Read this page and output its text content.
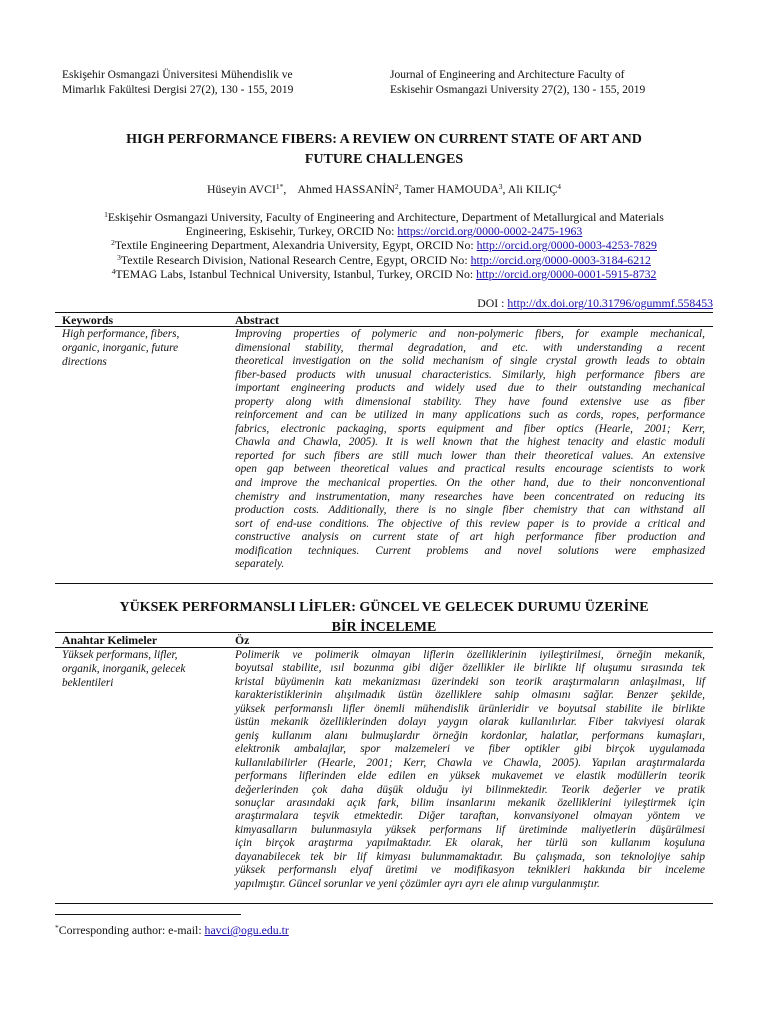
Eskişehir Osmangazi Üniversitesi Mühendislik ve
Mimarlık Fakültesi Dergisi 27(2), 130 - 155, 2019
Journal of Engineering and Architecture Faculty of
Eskisehir Osmangazi University 27(2), 130 - 155, 2019
HIGH PERFORMANCE FIBERS: A REVIEW ON CURRENT STATE OF ART AND
FUTURE CHALLENGES
Hüseyin $AVCI^{1*}$,    Ahmed HASSANİN$^2$, Tamer HAMOUDA$^3$, Ali KILIÇ$^4$
$^1$Eskişehir Osmangazi University, Faculty of Engineering and Architecture, Department of Metallurgical and Materials
Engineering, Eskisehir, Turkey, ORCID No: https://orcid.org/0000-0002-2475-1963
$^2$Textile Engineering Department, Alexandria University, Egypt, ORCID No: http://orcid.org/0000-0003-4253-7829
$^3$Textile Research Division, National Research Centre, Egypt, ORCID No: http://orcid.org/0000-0003-3184-6212
$^4$TEMAG Labs, Istanbul Technical University, Istanbul, Turkey, ORCID No: http://orcid.org/0000-0001-5915-8732
DOI : http://dx.doi.org/10.31796/ogummf.558453
Keywords	Abstract
High performance, fibers,
organic, inorganic, future
directions
Improving properties of polymeric and non-polymeric fibers, for example mechanical,
dimensional stability, thermal degradation, and etc. with understanding a recent
theoretical investigation on the solid mechanism of single crystal growth leads to obtain
fiber-based products with unusual characteristics. Similarly, high performance fibers are
important engineering products and widely used due to their outstanding mechanical
property along with dimensional stability. They have found extensive use as fiber
reinforcement and can be utilized in many applications such as cords, ropes, performance
fabrics, electronic packaging, sports equipment and fiber optics (Hearle, 2001; Kerr,
Chawla and Chawla, 2005). It is well known that the highest tenacity and elastic moduli
reported for such fibers are still much lower than their theoretical values. An extensive
open gap between theoretical values and practical results encourage scientists to work
and improve the mechanical properties. On the other hand, due to their nonconventional
chemistry and instrumentation, many researches have been concentrated on reducing its
production costs. Additionally, there is no single fiber chemistry that can withstand all
sort of end-use conditions. The objective of this review paper is to provide a critical and
constructive analysis on current state of art high performance fiber production and
modification techniques. Current problems and novel solutions were emphasized
separately.
YÜKSEK PERFORMANSLI LİFLER: GÜNCEL VE GELECEK DURUMU ÜZERİNE
BİR İNCELEME
Anahtar Kelimeler	Öz
Yüksek performans, lifler,
organik, inorganik, gelecek
beklentileri
Polimerik ve polimerik olmayan liflerin özelliklerinin iyileştirilmesi, örneğin mekanik,
boyutsal stabilite, ısıl bozunma gibi diğer özellikler ile birlikte lif oluşumu sırasında tek
kristal büyümenin katı mekanizması üzerindeki son teorik araştırmaların anlaşılması, lif
karakteristiklerinin alışılmadık üstün özelliklere sahip olmasını sağlar. Benzer şekilde,
yüksek performanslı lifler önemli mühendislik ürünleridir ve boyutsal stabilite ile birlikte
üstün mekanik özelliklerinden dolayı yaygın olarak kullanılırlar. Fiber takviyesi olarak
geniş kullanım alanı bulmuşlardır örneğin kordonlar, halatlar, performans kumaşları,
elektronik ambalajlar, spor malzemeleri ve fiber optikler gibi birçok uygulamada
kullanılabilirler (Hearle, 2001; Kerr, Chawla ve Chawla, 2005). Yapılan araştırmalarda
performans liflerinden elde edilen en yüksek mukavemet ve elastik modüllerin teorik
değerlerinden çok daha düşük olduğu iyi bilinmektedir. Teorik değerler ve pratik
sonuçlar arasındaki açık fark, bilim insanlarını mekanik özelliklerini iyileştirmek için
araştırmalara teşvik etmektedir. Diğer taraftan, konvansiyonel olmayan yöntem ve
kimyasalların bulunmasıyla yüksek performans lif üretiminde maliyetlerin düşürülmesi
için birçok araştırma yapılmaktadır. Ek olarak, her türlü son kullanım koşuluna
dayanabilecek tek bir lif kimyası bulunmamaktadır. Bu çalışmada, son teknolojiye sahip
yüksek performanslı elyaf üretimi ve modifikasyon teknikleri hakkında bir inceleme
yapılmıştır. Güncel sorunlar ve yeni çözümler ayrı ayrı ele alınıp vurgulanmıştır.
*Corresponding author: e-mail: havci@ogu.edu.tr
